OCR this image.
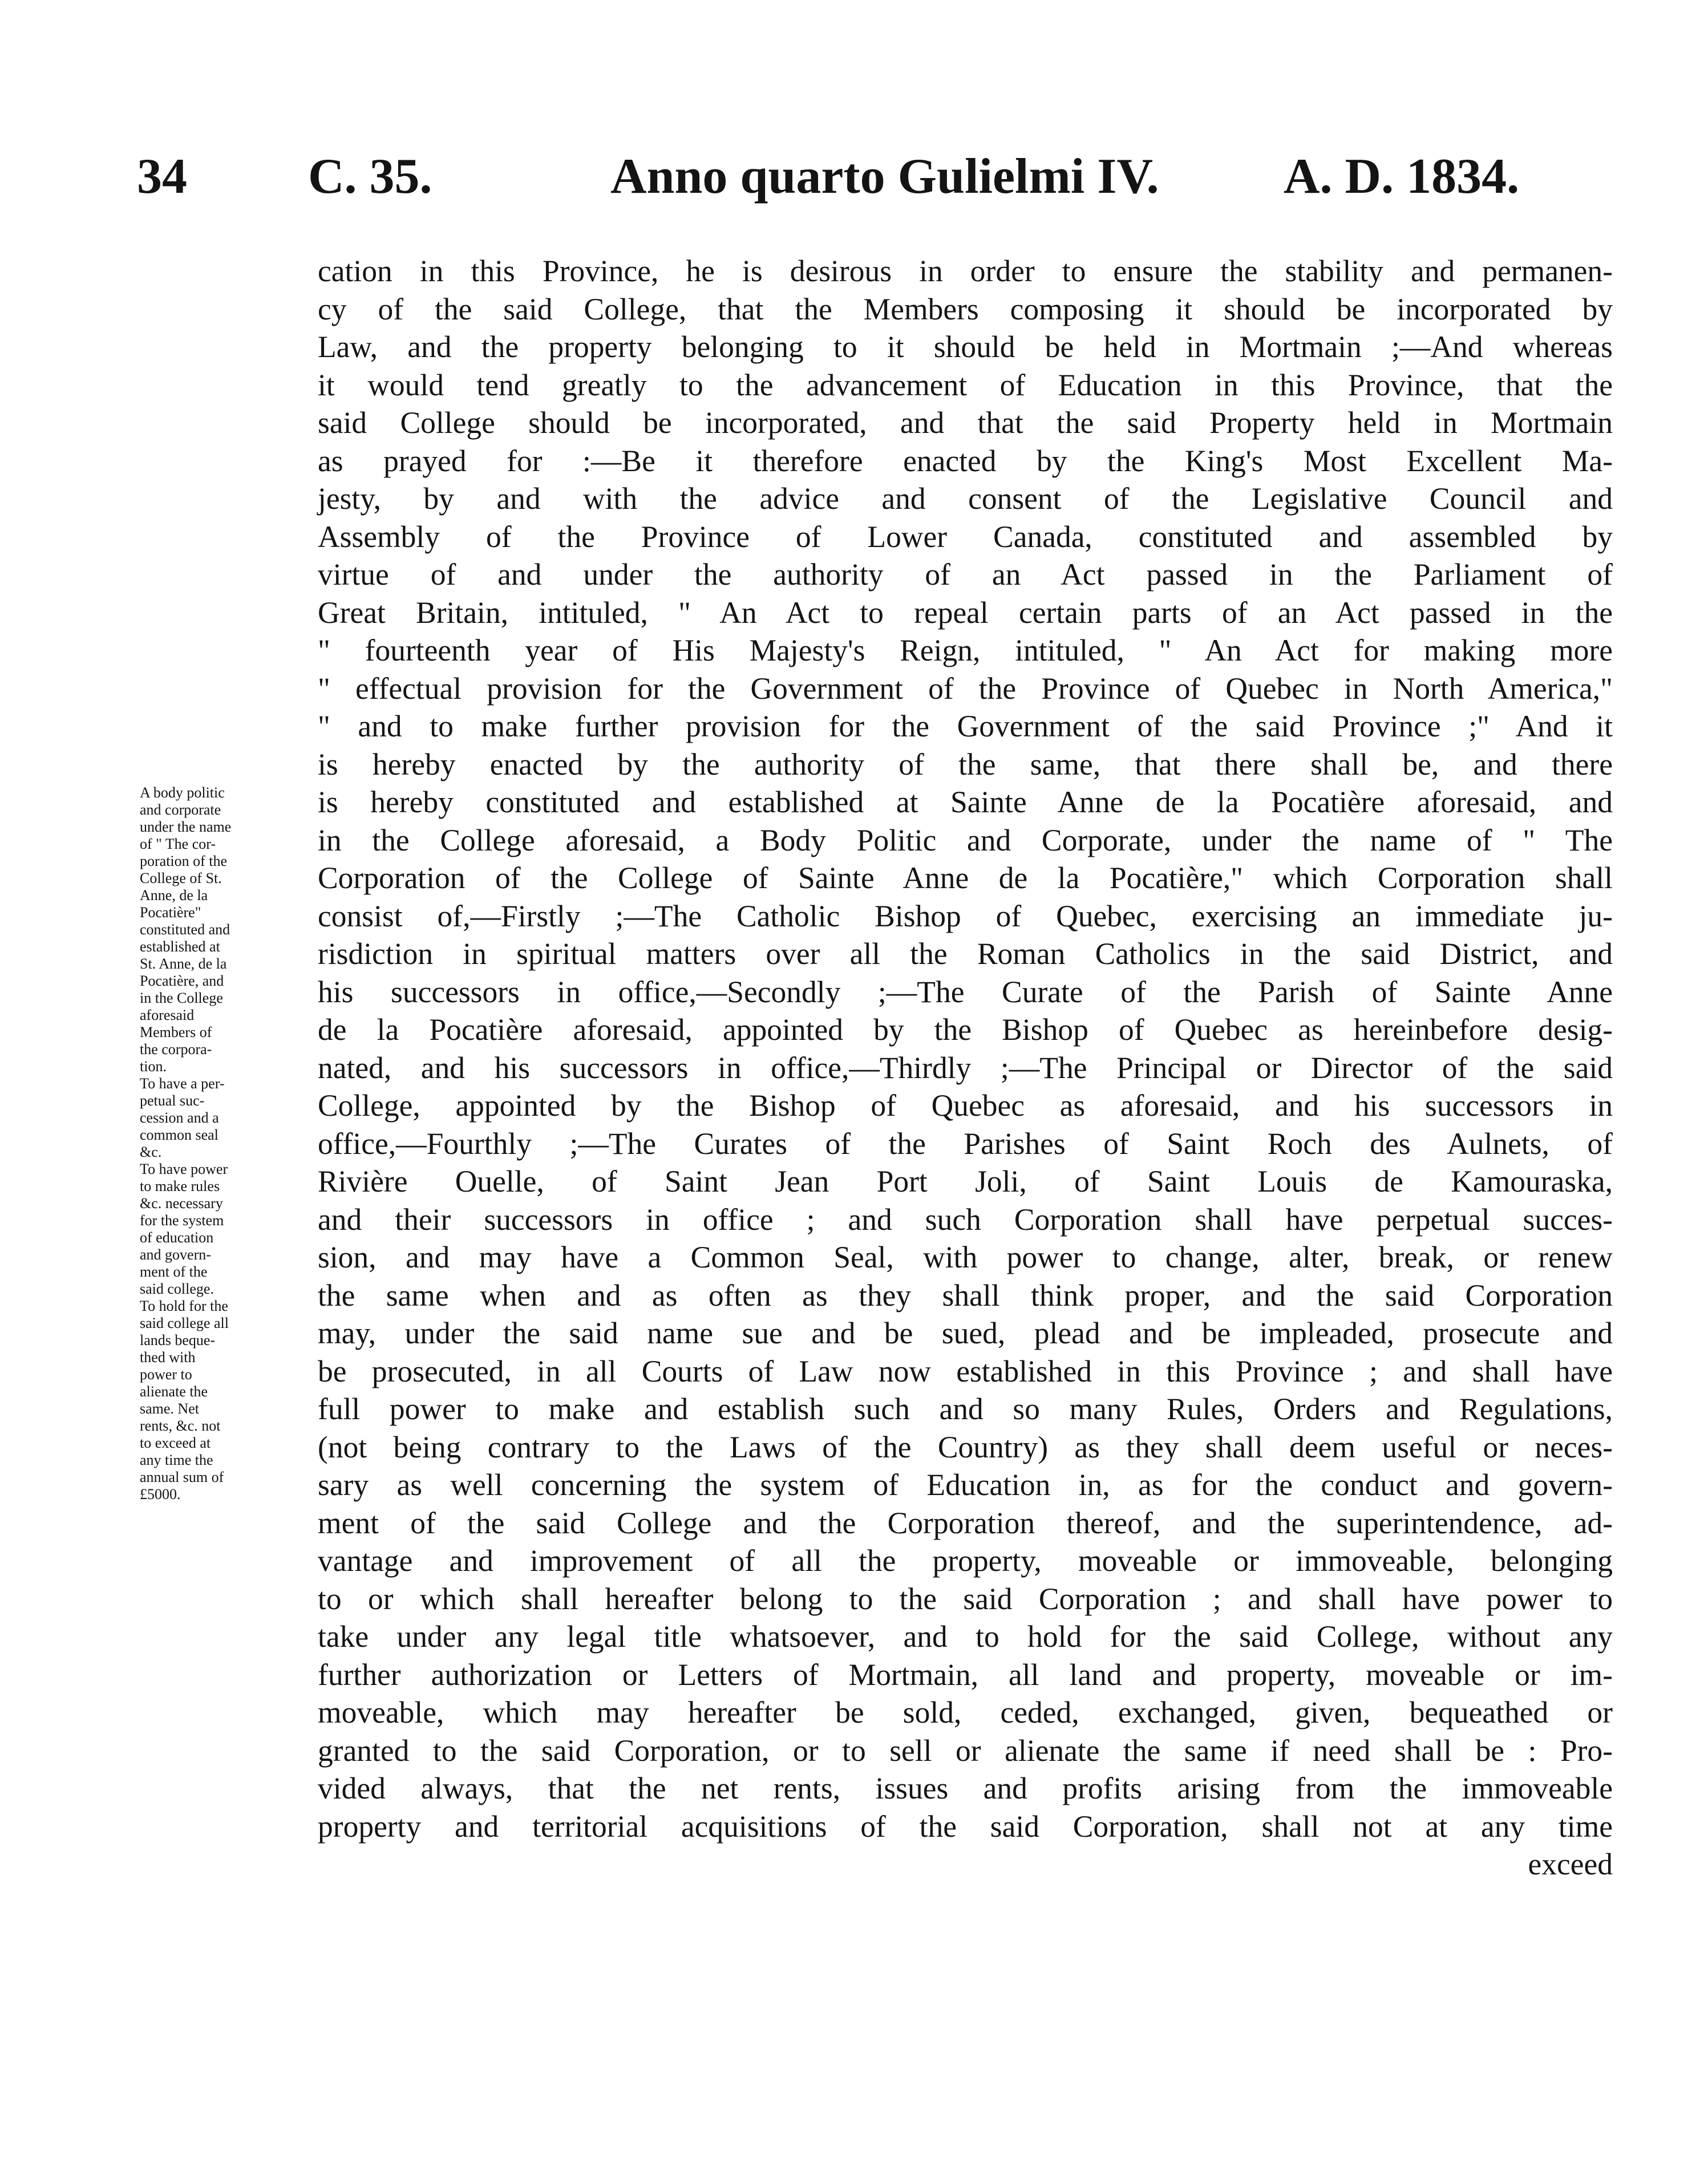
34 C. 35.	Anno quarto Gulielmi IV. A. D. 1834.
A body politic
and corporate
under the name
of " The cor-
poration of the
College of St.
Anne, de la
Pocatière"
constituted and
established at
St. Anne, de la
Pocatière, and
in the College
aforesaid
Members of
the corpora-
tion.
To have a per-
petual suc-
cession and a
common seal
&c.
To have power
to make rules
&c. necessary
for the system
of education
and govern-
ment of the
said college.
To hold for the
said college all
lands beque-
thed with
power to
alienate the
same. Net
rents, &c. not
to exceed at
any time the
annual sum of
£5000.
cation in this Province, he is desirous in order to ensure the stability and permanen-
cy of the said College, that the Members composing it should be incorporated by
Law, and the property belonging to it should be held in Mortmain ;—And whereas
it would tend greatly to the advancement of Education in this Province, that the
said College should be incorporated, and that the said Property held in Mortmain
as prayed for :—Be it therefore enacted by the King's Most Excellent Ma-
jesty, by and with the advice and consent of the Legislative Council and
Assembly of the Province of Lower Canada, constituted and assembled by
virtue of and under the authority of an Act passed in the Parliament of
Great Britain, intituled, " An Act to repeal certain parts of an Act passed in the
" fourteenth year of His Majesty's Reign, intituled, " An Act for making more
" effectual provision for the Government of the Province of Quebec in North America,"
" and to make further provision for the Government of the said Province ;" And it
is hereby enacted by the authority of the same, that there shall be, and there
is hereby constituted and established at Sainte Anne de la Pocatière aforesaid, and
in the College aforesaid, a Body Politic and Corporate, under the name of " The
Corporation of the College of Sainte Anne de la Pocatière," which Corporation shall
consist of,—Firstly ;—The Catholic Bishop of Quebec, exercising an immediate ju-
risdiction in spiritual matters over all the Roman Catholics in the said District, and
his successors in office,—Secondly ;—The Curate of the Parish of Sainte Anne
de la Pocatière aforesaid, appointed by the Bishop of Quebec as hereinbefore desig-
nated, and his successors in office,—Thirdly ;—The Principal or Director of the said
College, appointed by the Bishop of Quebec as aforesaid, and his successors in
office,—Fourthly ;—The Curates of the Parishes of Saint Roch des Aulnets, of
Rivière Ouelle, of Saint Jean Port Joli, of Saint Louis de Kamouraska,
and their successors in office ; and such Corporation shall have perpetual succes-
sion, and may have a Common Seal, with power to change, alter, break, or renew
the same when and as often as they shall think proper, and the said Corporation
may, under the said name sue and be sued, plead and be impleaded, prosecute and
be prosecuted, in all Courts of Law now established in this Province ; and shall have
full power to make and establish such and so many Rules, Orders and Regulations,
(not being contrary to the Laws of the Country) as they shall deem useful or neces-
sary as well concerning the system of Education in, as for the conduct and govern-
ment of the said College and the Corporation thereof, and the superintendence, ad-
vantage and improvement of all the property, moveable or immoveable, belonging
to or which shall hereafter belong to the said Corporation ; and shall have power to
take under any legal title whatsoever, and to hold for the said College, without any
further authorization or Letters of Mortmain, all land and property, moveable or im-
moveable, which may hereafter be sold, ceded, exchanged, given, bequeathed or
granted to the said Corporation, or to sell or alienate the same if need shall be : Pro-
vided always, that the net rents, issues and profits arising from the immoveable
property and territorial acquisitions of the said Corporation, shall not at any time
exceed
